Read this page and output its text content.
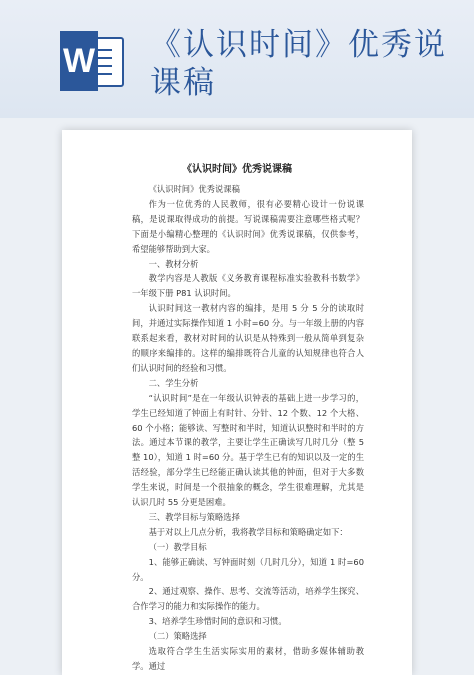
W 《认识时间》优秀说课稿
《认识时间》优秀说课稿

《认识时间》优秀说课稿

作为一位优秀的人民教师，很有必要精心设计一份说课稿，是说课取得成功的前提。写说课稿需要注意哪些格式呢？下面是小编精心整理的《认识时间》优秀说课稿，仅供参考，希望能够帮助到大家。

一、教材分析

教学内容是人教版《义务教育课程标准实验教科书数学》一年级下册 P81 认识时间。

认识时间这一教材内容的编排，是用 5 分 5 分的读取时间，并通过实际操作知道 1 小时=60 分。与一年级上册的内容联系起来看，教材对时间的认识是从特殊到一般从简单到复杂的顺序来编排的。这样的编排既符合儿童的认知规律也符合人们认识时间的经验和习惯。

二、学生分析

“认识时间”是在一年级认识钟表的基础上进一步学习的，学生已经知道了钟面上有时针、分针、12 个数、12 个大格、60 个小格；能够读、写整时和半时，知道认识整时和半时的方法。通过本节课的教学，主要让学生正确读写几时几分（整 5 整 10），知道 1 时=60 分。基于学生已有的知识以及一定的生活经验，部分学生已经能正确认读其他的钟面，但对于大多数学生来说，时间是一个很抽象的概念，学生很难理解，尤其是认识几时 55 分更是困难。

三、教学目标与策略选择

基于对以上几点分析，我将教学目标和策略确定如下：

（一）教学目标

1、能够正确读、写钟面时刻（几时几分），知道 1 时=60 分。

2、通过观察、操作、思考、交流等活动，培养学生探究、合作学习的能力和实际操作的能力。

3、培养学生珍惜时间的意识和习惯。

（二）策略选择

选取符合学生生活实际实用的素材，借助多媒体辅助教学。通过
